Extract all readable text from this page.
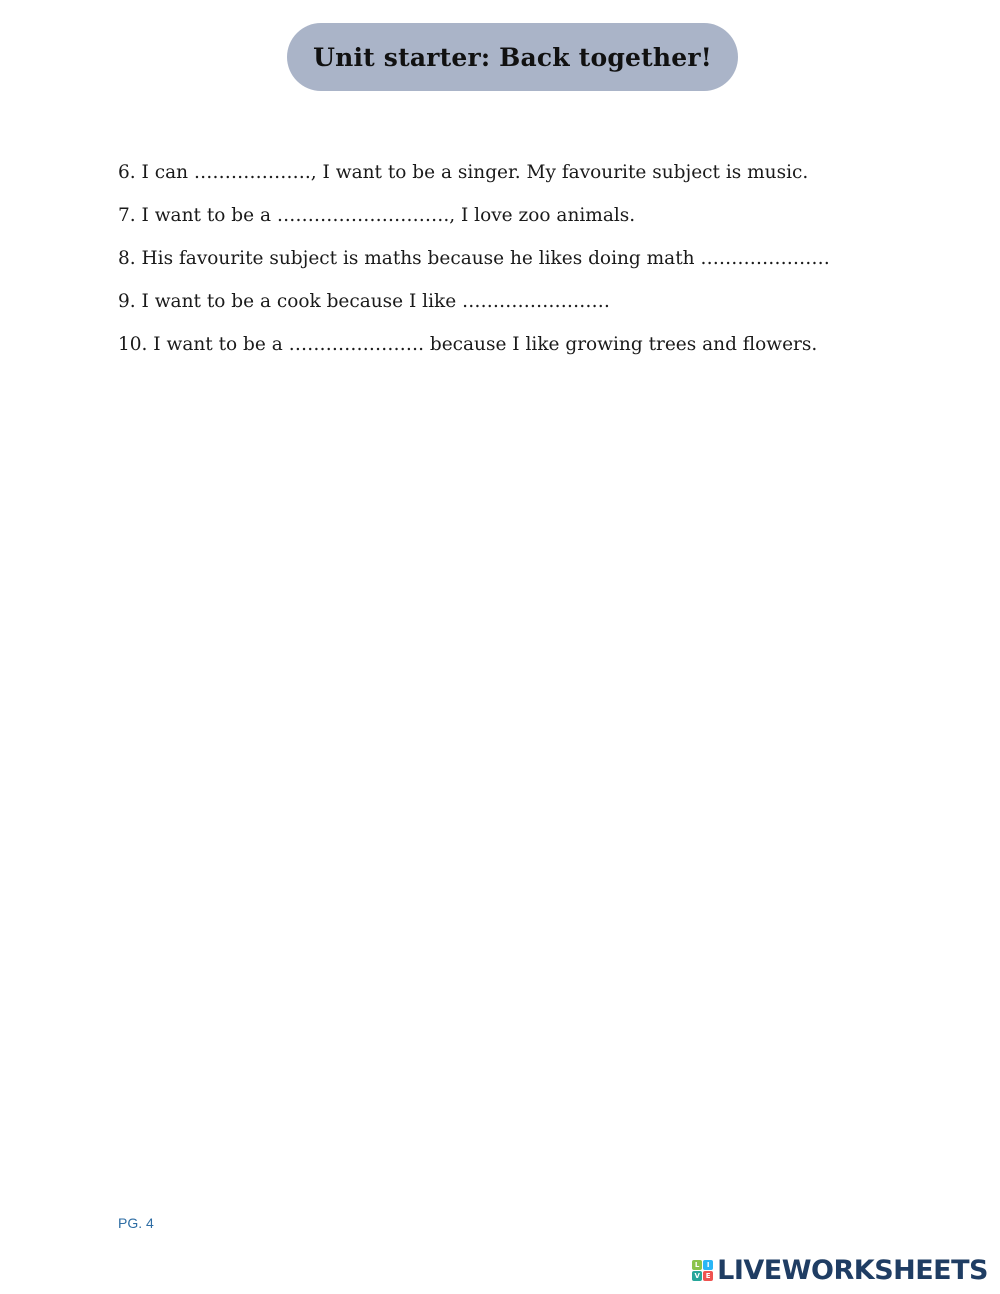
Unit starter: Back together!
6. I can ………………., I want to be a singer. My favourite subject is music.
7. I want to be a ………………………., I love zoo animals.
8. His favourite subject is maths because he likes doing math …………………
9. I want to be a cook because I like ……………………
10. I want to be a …………………. because I like growing trees and flowers.
PG. 4
L	I
V E LIVEWORKSHEETS
